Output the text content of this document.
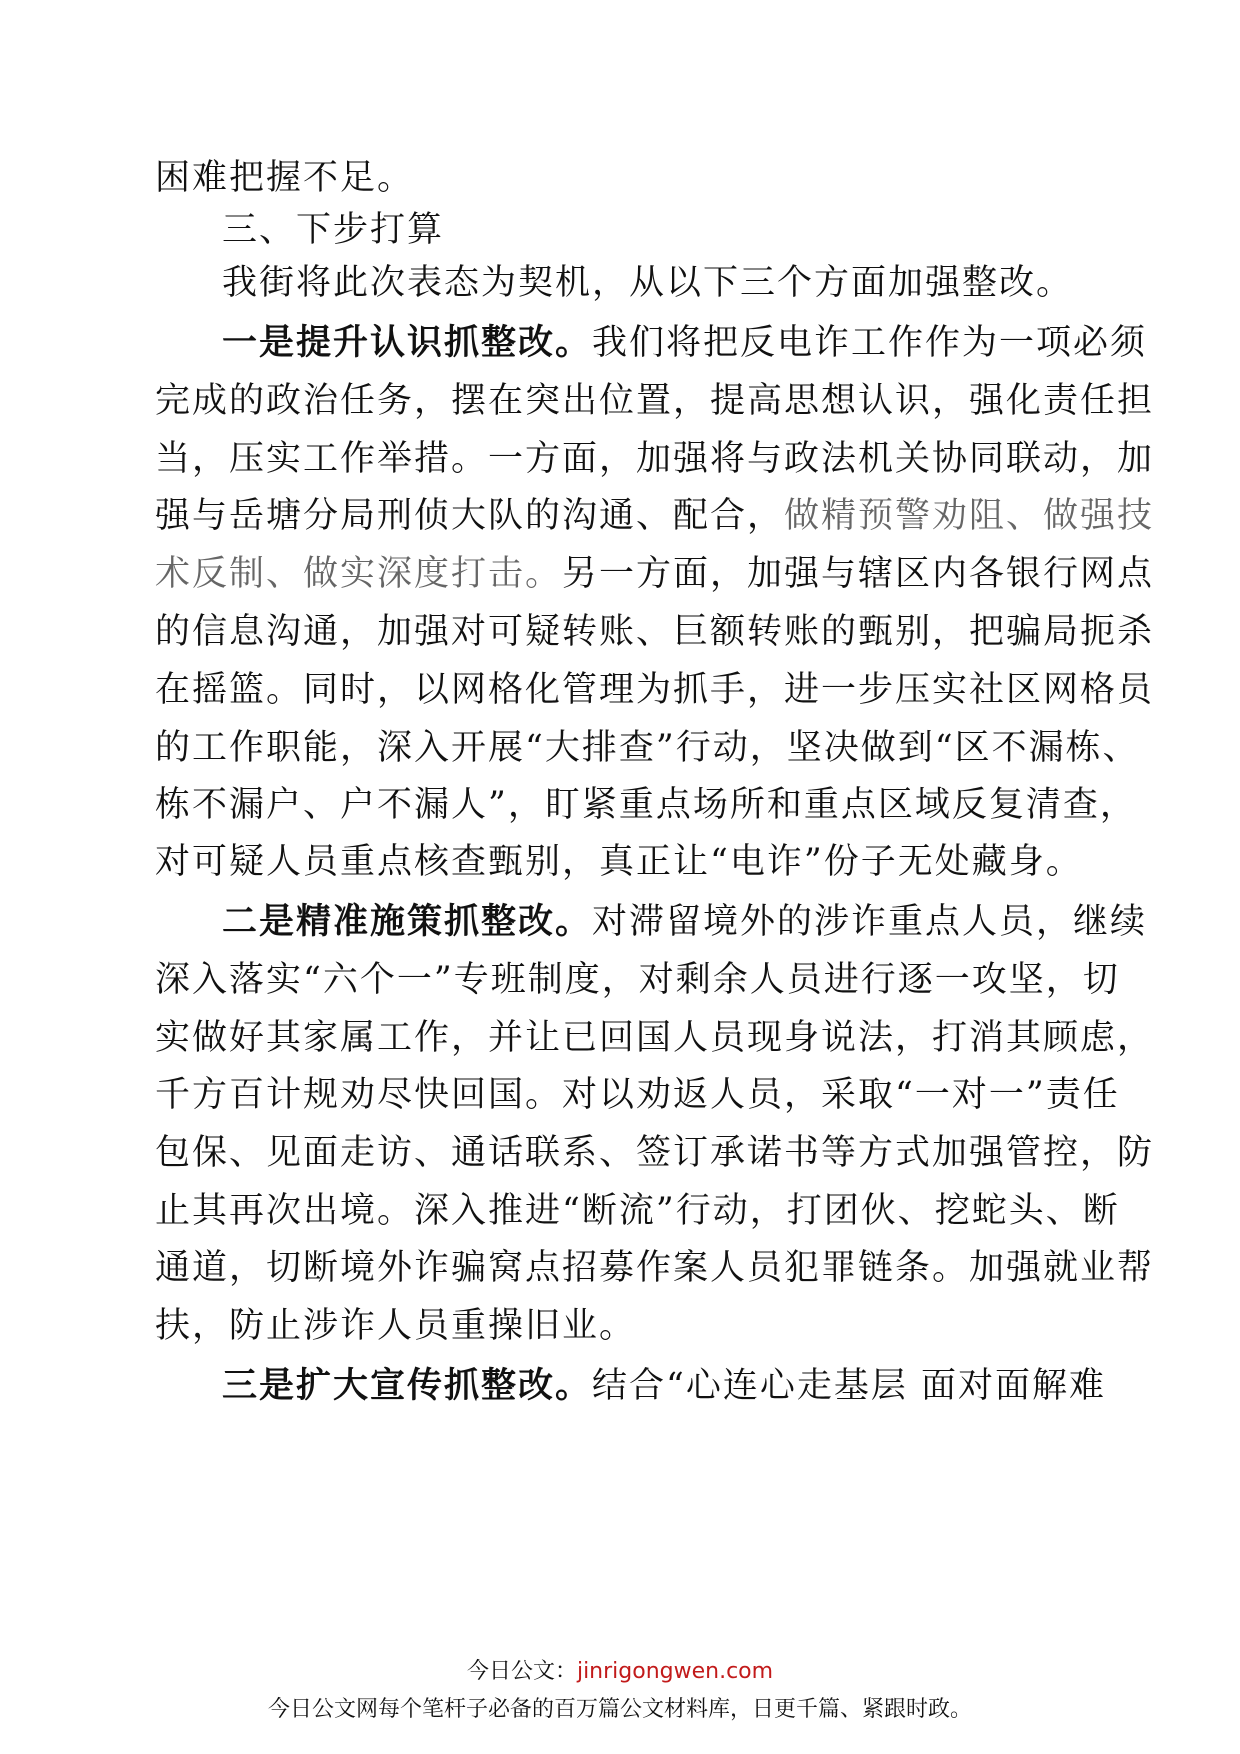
困难把握不足。
三、下步打算
我街将此次表态为契机，从以下三个方面加强整改。
一是提升认识抓整改。我们将把反电诈工作作为一项必须
完成的政治任务，摆在突出位置，提高思想认识，强化责任担
当，压实工作举措。一方面，加强将与政法机关协同联动，加
强与岳塘分局刑侦大队的沟通、配合，做精预警劝阻、做强技
术反制、做实深度打击。另一方面，加强与辖区内各银行网点
的信息沟通，加强对可疑转账、巨额转账的甄别，把骗局扼杀
在摇篮。同时，以网格化管理为抓手，进一步压实社区网格员
的工作职能，深入开展“大排查”行动，坚决做到“区不漏栋、
栋不漏户、户不漏人”，盯紧重点场所和重点区域反复清查，
对可疑人员重点核查甄别，真正让“电诈”份子无处藏身。
二是精准施策抓整改。对滞留境外的涉诈重点人员，继续
深入落实“六个一”专班制度，对剩余人员进行逐一攻坚，切
实做好其家属工作，并让已回国人员现身说法，打消其顾虑，
千方百计规劝尽快回国。对以劝返人员，采取“一对一”责任
包保、见面走访、通话联系、签订承诺书等方式加强管控，防
止其再次出境。深入推进“断流”行动，打团伙、挖蛇头、断
通道，切断境外诈骗窝点招募作案人员犯罪链条。加强就业帮
扶，防止涉诈人员重操旧业。
三是扩大宣传抓整改。结合“心连心走基层 面对面解难
今日公文：jinrigongwen.com
今日公文网每个笔杆子必备的百万篇公文材料库，日更千篇、紧跟时政。
